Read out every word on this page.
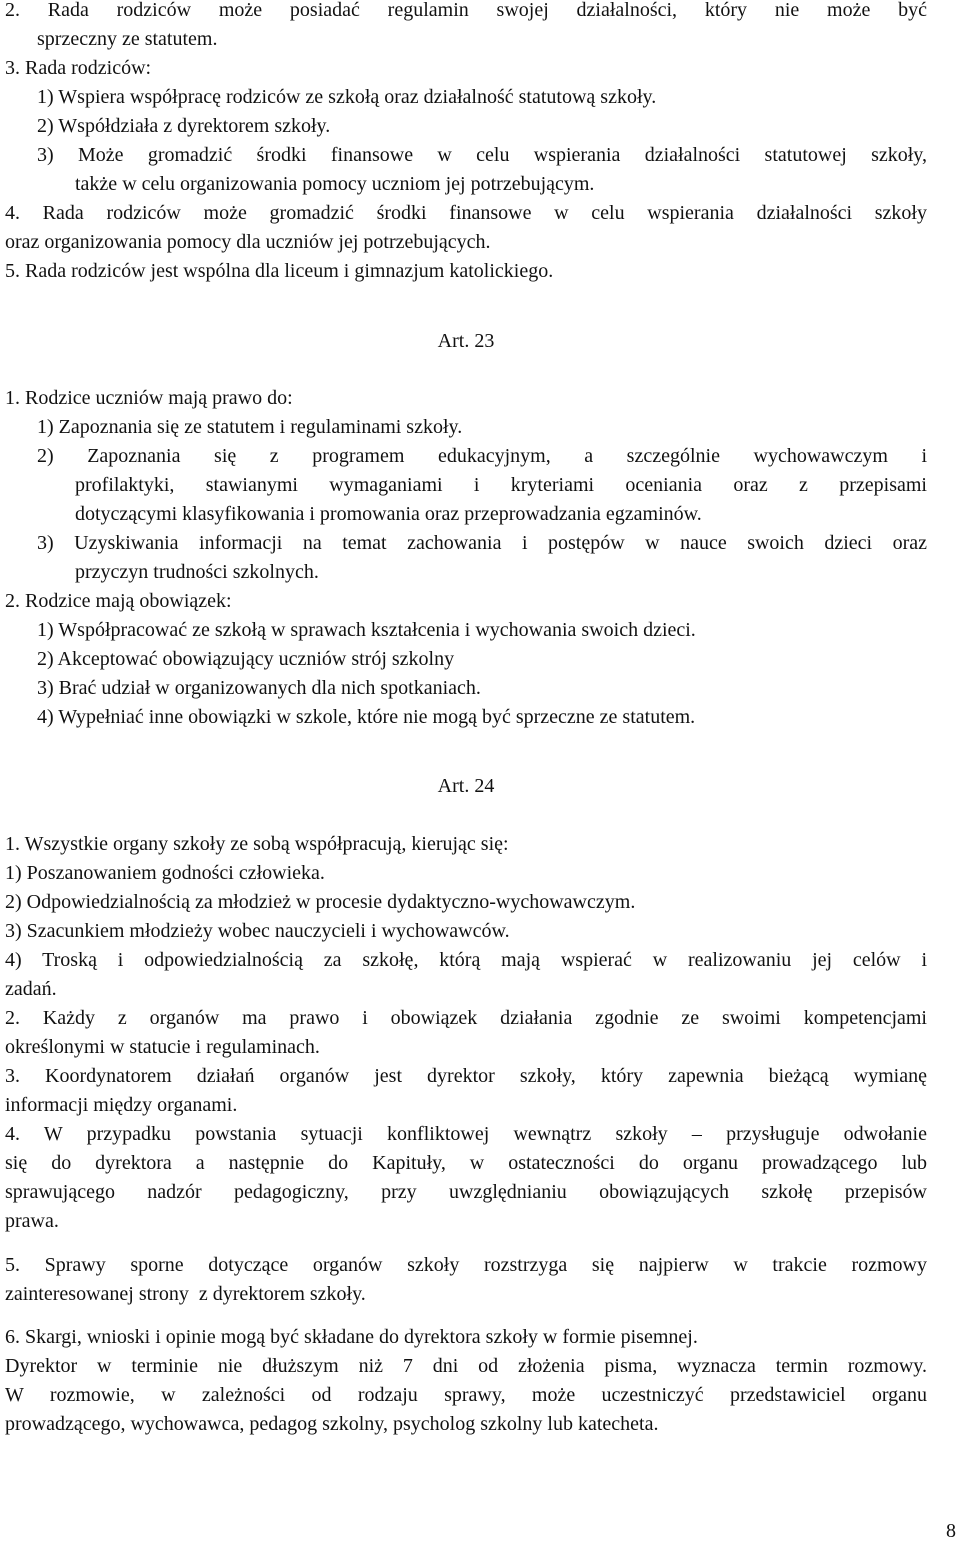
2. Rada rodziców może posiadać regulamin swojej działalności, który nie może być
sprzeczny ze statutem.
3. Rada rodziców:
1) Wspiera współpracę rodziców ze szkołą oraz działalność statutową szkoły.
2) Współdziała z dyrektorem szkoły.
3) Może gromadzić środki finansowe w celu wspierania działalności statutowej szkoły,
także w celu organizowania pomocy uczniom jej potrzebującym.
4. Rada rodziców może gromadzić środki finansowe w celu wspierania działalności szkoły
oraz organizowania pomocy dla uczniów jej potrzebujących.
5. Rada rodziców jest wspólna dla liceum i gimnazjum katolickiego.
Art. 23
1. Rodzice uczniów mają prawo do:
1) Zapoznania się ze statutem i regulaminami szkoły.
2) Zapoznania się z programem edukacyjnym, a szczególnie wychowawczym i
profilaktyki, stawianymi wymaganiami i kryteriami oceniania oraz z przepisami
dotyczącymi klasyfikowania i promowania oraz przeprowadzania egzaminów.
3) Uzyskiwania informacji na temat zachowania i postępów w nauce swoich dzieci oraz
przyczyn trudności szkolnych.
2. Rodzice mają obowiązek:
1) Współpracować ze szkołą w sprawach kształcenia i wychowania swoich dzieci.
2) Akceptować obowiązujący uczniów strój szkolny
3) Brać udział w organizowanych dla nich spotkaniach.
4) Wypełniać inne obowiązki w szkole, które nie mogą być sprzeczne ze statutem.
Art. 24
1. Wszystkie organy szkoły ze sobą współpracują, kierując się:
1) Poszanowaniem godności człowieka.
2) Odpowiedzialnością za młodzież w procesie dydaktyczno-wychowawczym.
3) Szacunkiem młodzieży wobec nauczycieli i wychowawców.
4) Troską i odpowiedzialnością za szkołę, którą mają wspierać w realizowaniu jej celów i
zadań.
2. Każdy z organów ma prawo i obowiązek działania zgodnie ze swoimi kompetencjami
określonymi w statucie i regulaminach.
3. Koordynatorem działań organów jest dyrektor szkoły, który zapewnia bieżącą wymianę
informacji między organami.
4. W przypadku powstania sytuacji konfliktowej wewnątrz szkoły – przysługuje odwołanie
się do dyrektora a następnie do Kapituły, w ostateczności do organu prowadzącego lub
sprawującego nadzór pedagogiczny, przy uwzględnianiu obowiązujących szkołę przepisów
prawa.
5. Sprawy sporne dotyczące organów szkoły rozstrzyga się najpierw w trakcie rozmowy
zainteresowanej strony  z dyrektorem szkoły.
6. Skargi, wnioski i opinie mogą być składane do dyrektora szkoły w formie pisemnej.
Dyrektor w terminie nie dłuższym niż 7 dni od złożenia pisma, wyznacza termin rozmowy.
W rozmowie, w zależności od rodzaju sprawy, może uczestniczyć przedstawiciel organu
prowadzącego, wychowawca, pedagog szkolny, psycholog szkolny lub katecheta.
8
